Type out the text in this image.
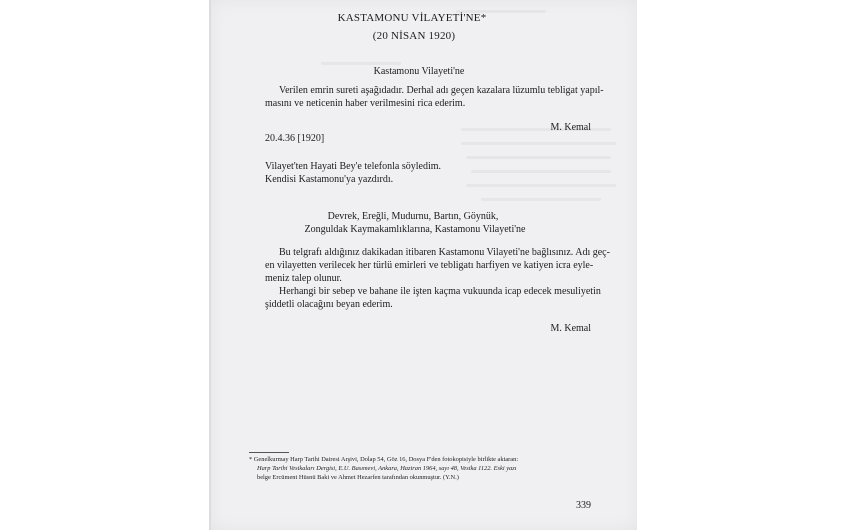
KASTAMONU VİLAYETİ'NE*
(20 NİSAN 1920)
Kastamonu Vilayeti'ne
Verilen emrin sureti aşağıdadır. Derhal adı geçen kazalara lüzumlu tebligat yapıl-
masını ve neticenin haber verilmesini rica ederim.
M. Kemal
20.4.36 [1920]
Vilayet'ten Hayati Bey'e telefonla söyledim.
Kendisi Kastamonu'ya yazdırdı.
Devrek, Ereğli, Mudurnu, Bartın, Göynük,
Zonguldak Kaymakamlıklarına, Kastamonu Vilayeti'ne
Bu telgrafı aldığınız dakikadan itibaren Kastamonu Vilayeti'ne bağlısınız. Adı geç-
en vilayetten verilecek her türlü emirleri ve tebligatı harfiyen ve katiyen icra eyle-
meniz talep olunur.
Herhangi bir sebep ve bahane ile işten kaçma vukuunda icap edecek mesuliyetin
şiddetli olacağını beyan ederim.
M. Kemal
* Genelkurmay Harp Tarihi Dairesi Arşivi, Dolap 54, Göz 16, Dosya F'den fotokopisiyle birlikte aktaran:
Harp Tarihi Vesikaları Dergisi, E.U. Basımevi, Ankara, Haziran 1964, sayı 48, Vesika 1122. Eski yazı
belge Ercüment Hüsnü Baki ve Ahmet Hezarfen tarafından okunmuştur. (Y.N.)
339
